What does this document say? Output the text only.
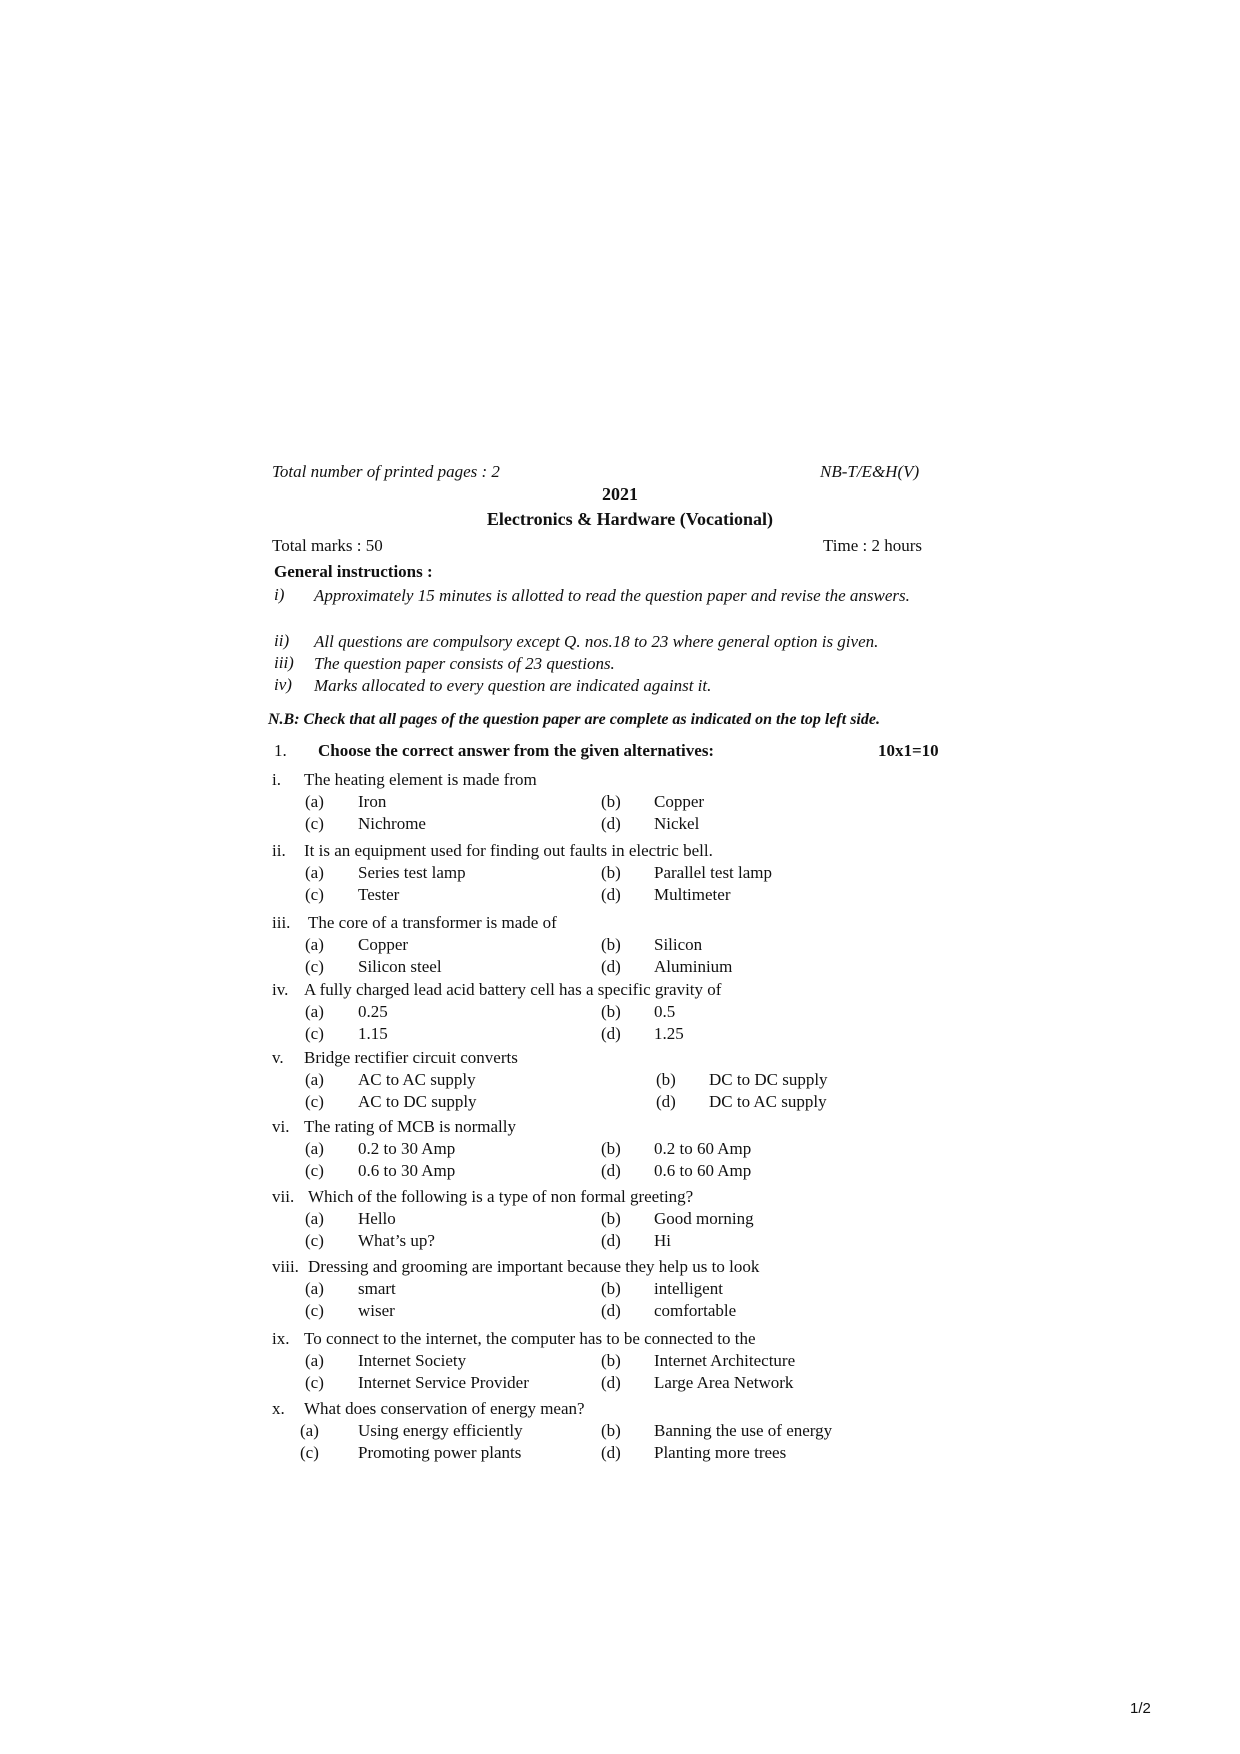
Total number of printed pages : 2	NB-T/E&H(V)
2021
Electronics & Hardware (Vocational)
Total marks : 50	Time : 2 hours
General instructions :
i) Approximately 15 minutes is allotted to read the question paper and revise the answers.
ii) All questions are compulsory except Q. nos.18 to 23 where general option is given.
iii) The question paper consists of 23 questions.
iv) Marks allocated to every question are indicated against it.
N.B: Check that all pages of the question paper are complete as indicated on the top left side.
1. Choose the correct answer from the given alternatives:	10x1=10
i. The heating element is made from
(a) Iron	(b) Copper
(c) Nichrome	(d) Nickel
ii. It is an equipment used for finding out faults in electric bell.
(a) Series test lamp	(b) Parallel test lamp
(c) Tester	(d) Multimeter
iii. The core of a transformer is made of
(a) Copper	(b) Silicon
(c) Silicon steel	(d) Aluminium
iv. A fully charged lead acid battery cell has a specific gravity of
(a) 0.25	(b) 0.5
(c) 1.15	(d) 1.25
v. Bridge rectifier circuit converts
(a) AC to AC supply	(b) DC to DC supply
(c) AC to DC supply	(d) DC to AC supply
vi. The rating of MCB is normally
(a) 0.2 to 30 Amp	(b) 0.2 to 60 Amp
(c) 0.6 to 30 Amp	(d) 0.6 to 60 Amp
vii. Which of the following is a type of non formal greeting?
(a) Hello	(b) Good morning
(c) What’s up?	(d) Hi
viii. Dressing and grooming are important because they help us to look
(a) smart	(b) intelligent
(c) wiser	(d) comfortable
ix. To connect to the internet, the computer has to be connected to the
(a) Internet Society	(b) Internet Architecture
(c) Internet Service Provider	(d) Large Area Network
x. What does conservation of energy mean?
(a) Using energy efficiently	(b) Banning the use of energy
(c) Promoting power plants	(d) Planting more trees
1/2
